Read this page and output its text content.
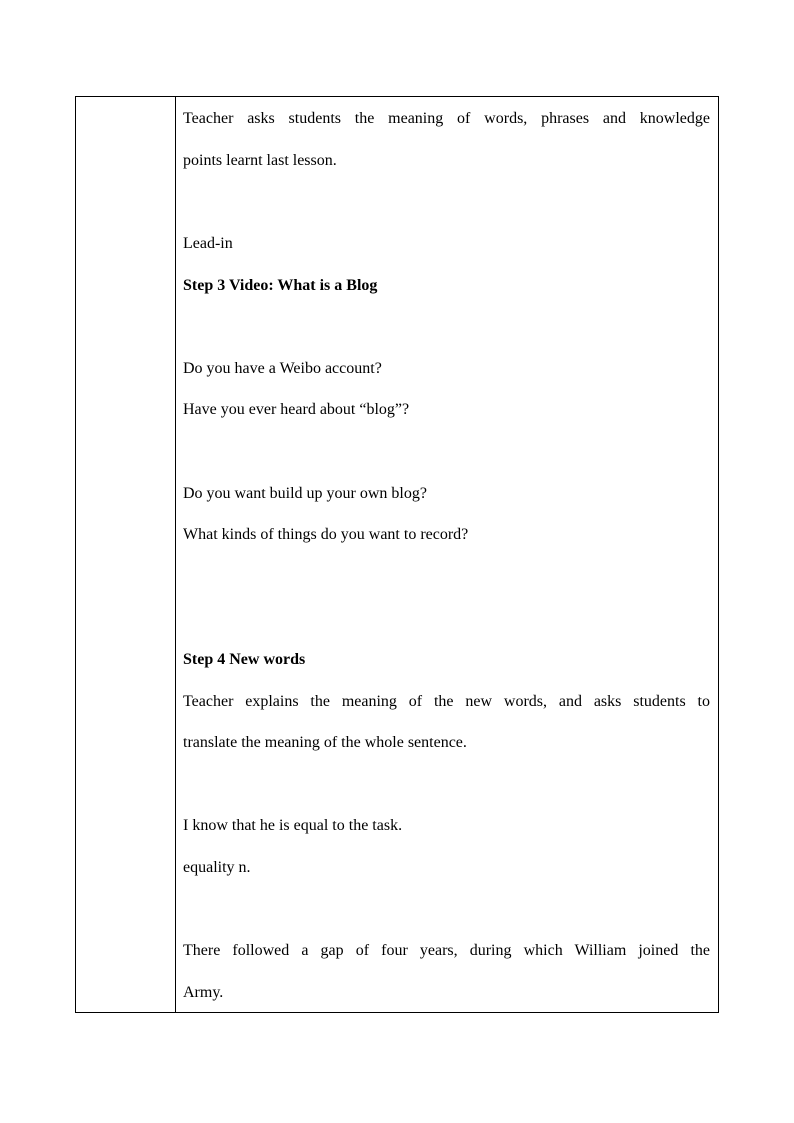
Teacher asks students the meaning of words, phrases and knowledge
points learnt last lesson.
Lead-in
Step 3 Video: What is a Blog
Do you have a Weibo account?
Have you ever heard about “blog”?
Do you want build up your own blog?
What kinds of things do you want to record?
Step 4 New words
Teacher explains the meaning of the new words, and asks students to
translate the meaning of the whole sentence.
I know that he is equal to the task.
equality n.
There followed a gap of four years, during which William joined the
Army.
